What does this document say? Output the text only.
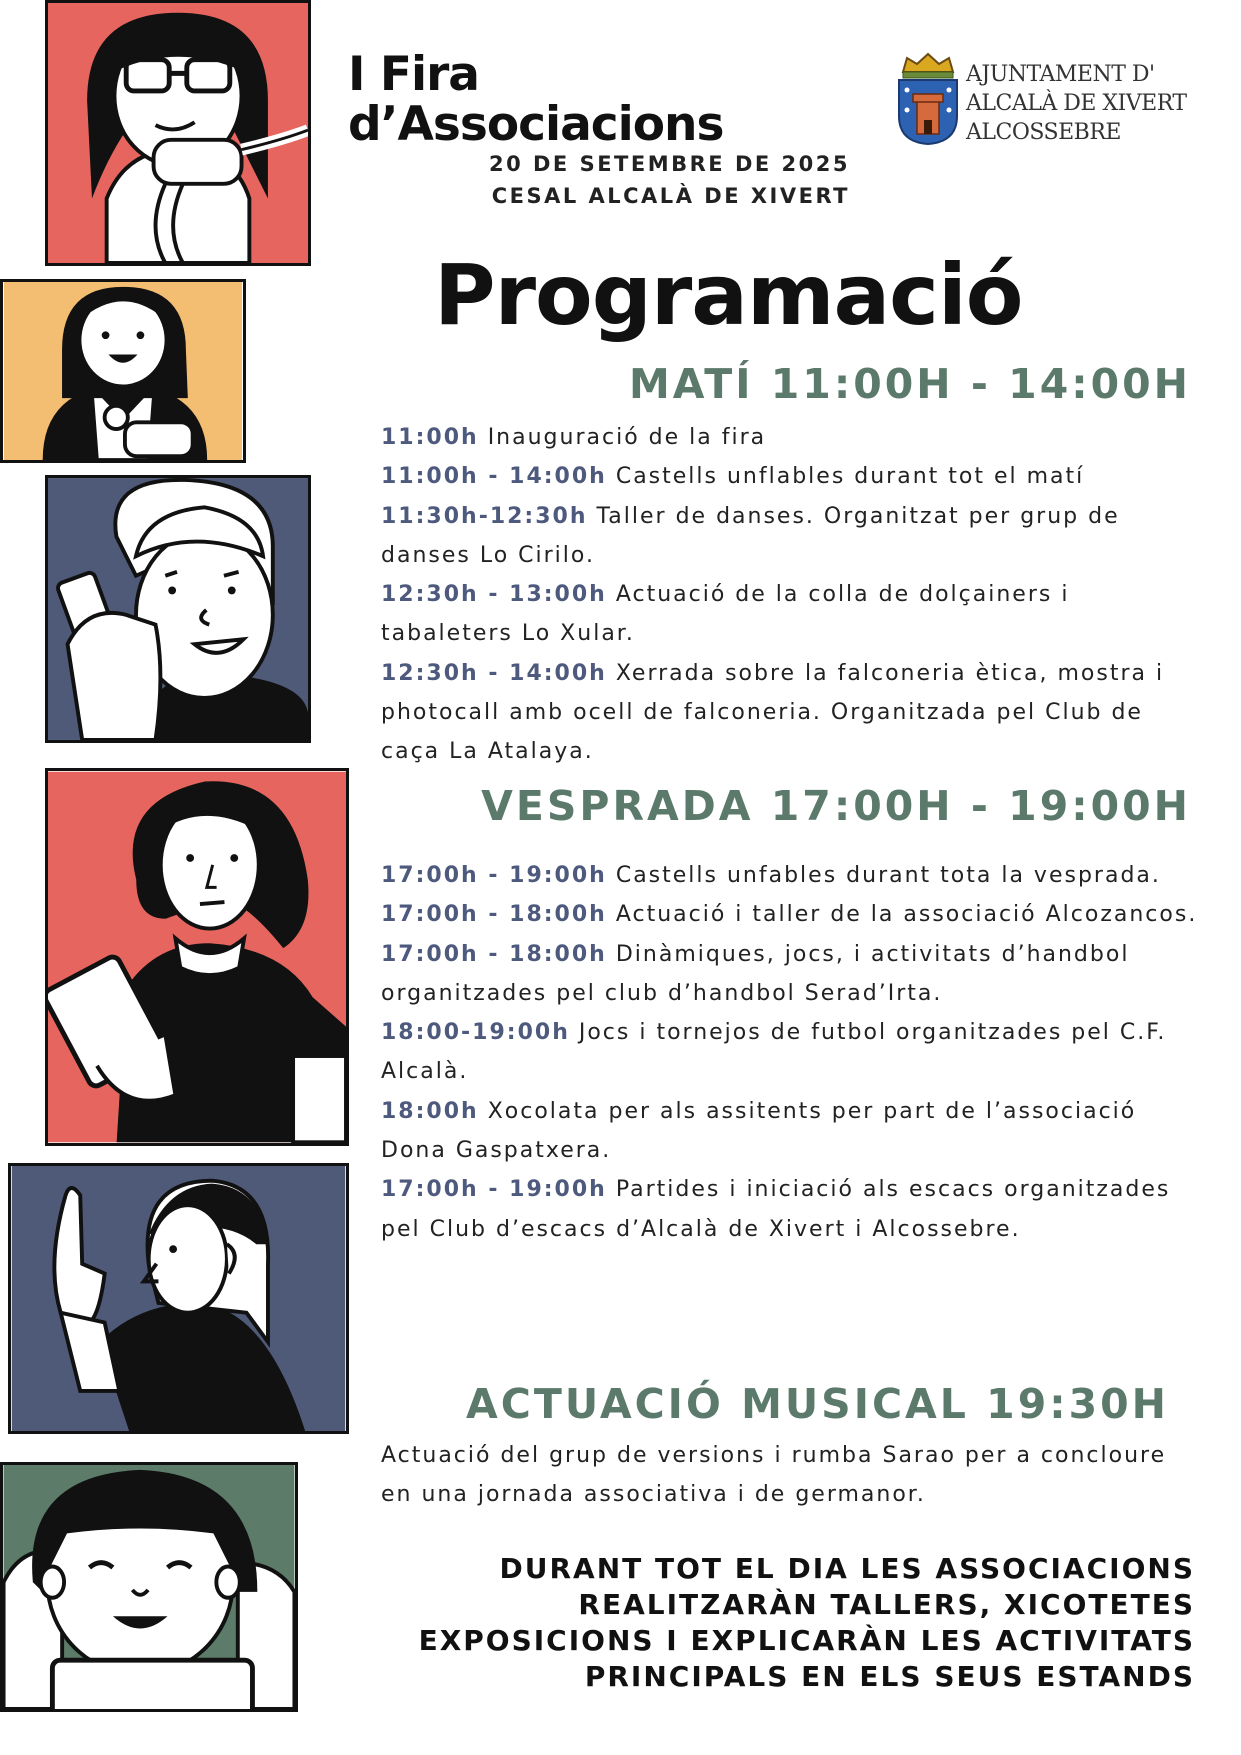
I Fira
d’Associacions
20 DE SETEMBRE DE 2025
CESAL ALCALÀ DE XIVERT
AJUNTAMENT D'
ALCALÀ DE XIVERT
ALCOSSEBRE
Programació
MATÍ 11:00H - 14:00H

11:00h Inauguració de la fira

11:00h - 14:00h Castells unflables durant tot el matí

11:30h-12:30h Taller de danses. Organitzat per grup de danses Lo Cirilo.

12:30h - 13:00h Actuació de la colla de dolçainers i tabaleters Lo Xular.

12:30h - 14:00h Xerrada sobre la falconeria ètica, mostra i photocall amb ocell de falconeria. Organitzada pel Club de caça La Atalaya.

VESPRADA 17:00H - 19:00H

17:00h - 19:00h Castells unfables durant tota la vesprada.

17:00h - 18:00h Actuació i taller de la associació Alcozancos.

17:00h - 18:00h Dinàmiques, jocs, i activitats d’handbol organitzades pel club d’handbol Serad’Irta.

18:00-19:00h Jocs i tornejos de futbol organitzades pel C.F. Alcalà.

18:00h Xocolata per als assitents per part de l’associació Dona Gaspatxera.

17:00h - 19:00h Partides i iniciació als escacs organitzades pel Club d’escacs d’Alcalà de Xivert i Alcossebre.

ACTUACIÓ MUSICAL 19:30H
Actuació del grup de versions i rumba Sarao per a concloure en una jornada associativa i de germanor.
DURANT TOT EL DIA LES ASSOCIACIONS
REALITZARÀN TALLERS, XICOTETES
EXPOSICIONS I EXPLICARÀN LES ACTIVITATS
PRINCIPALS EN ELS SEUS ESTANDS
